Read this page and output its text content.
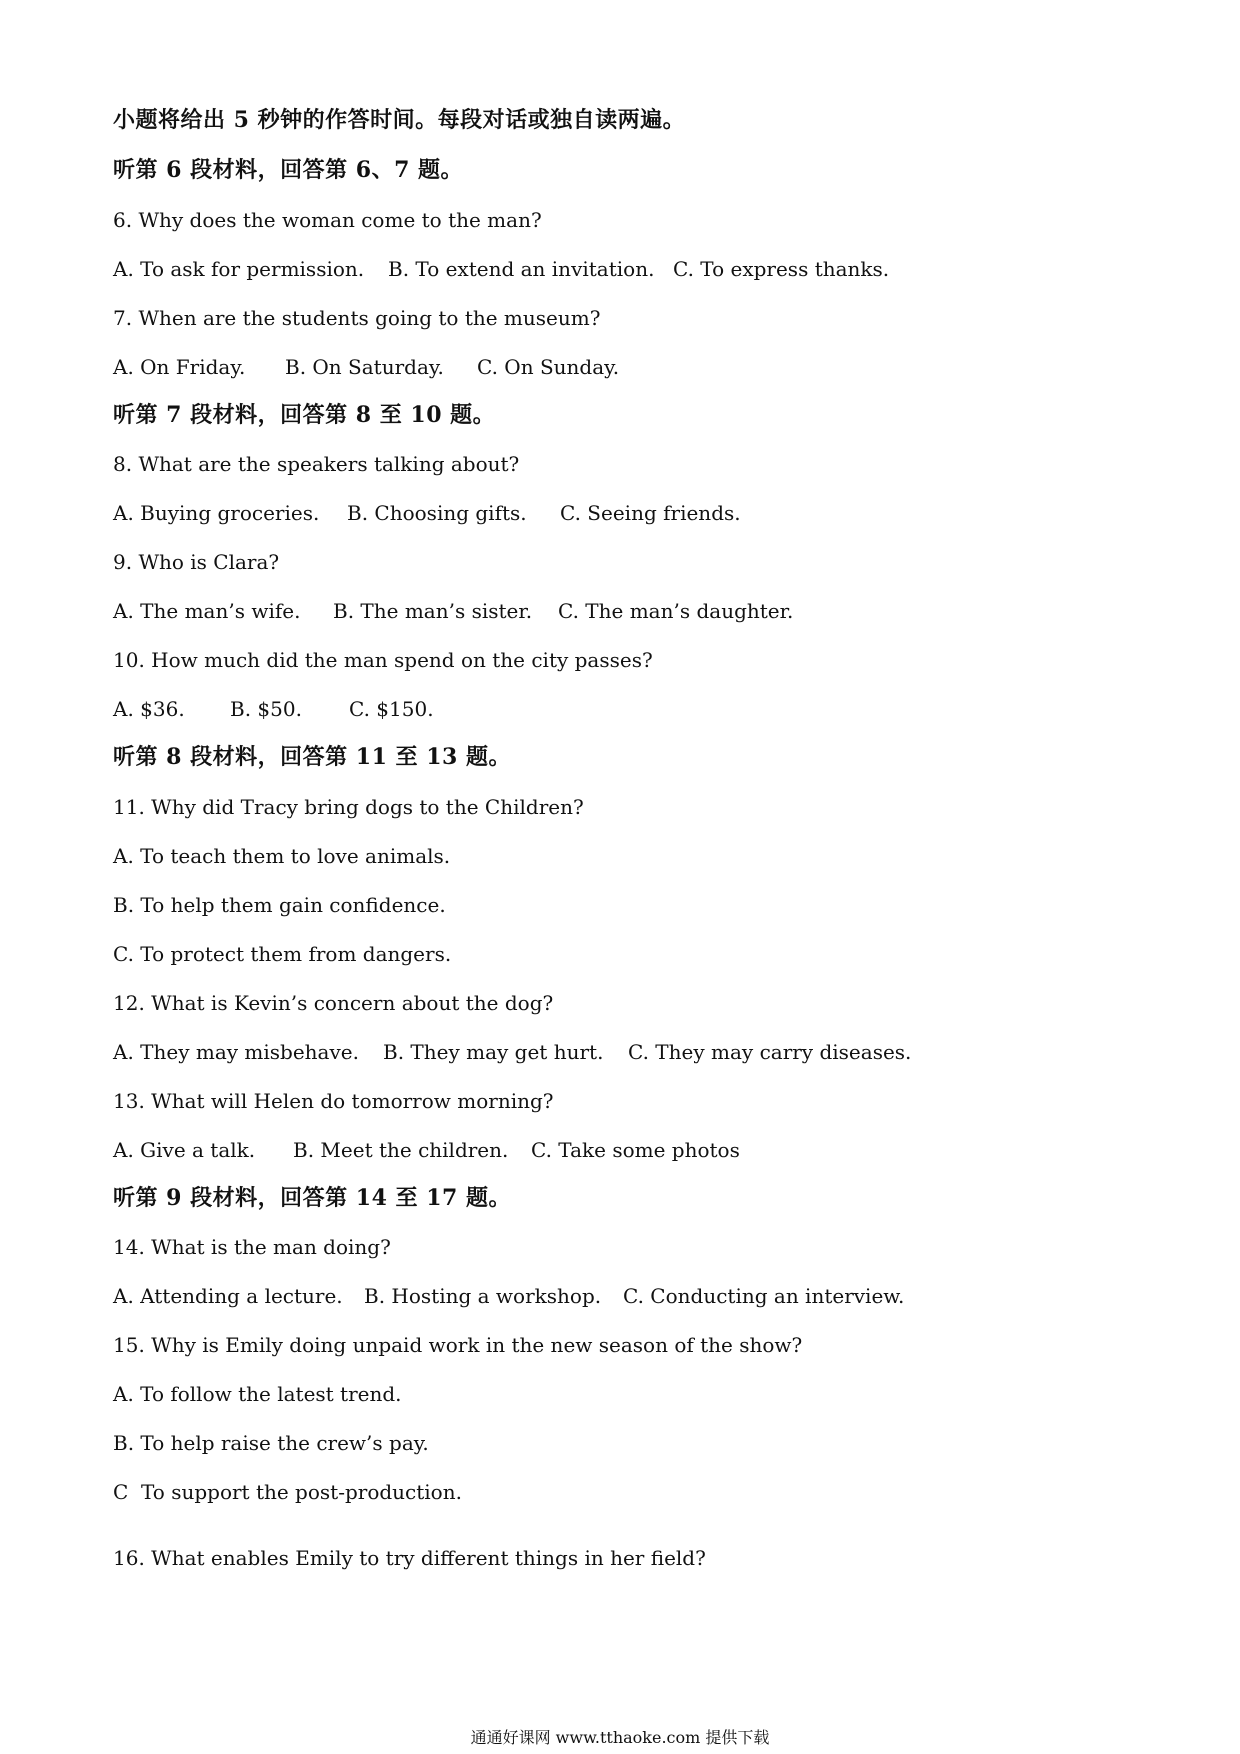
小题将给出 5 秒钟的作答时间。每段对话或独自读两遍。
听第 6 段材料，回答第 6、7 题。
6. Why does the woman come to the man?
A. To ask for permission. B. To extend an invitation. C. To express thanks.
7. When are the students going to the museum?
A. On Friday. B. On Saturday. C. On Sunday.
听第 7 段材料，回答第 8 至 10 题。
8. What are the speakers talking about?
A. Buying groceries. B. Choosing gifts. C. Seeing friends.
9. Who is Clara?
A. The man’s wife. B. The man’s sister. C. The man’s daughter.
10. How much did the man spend on the city passes?
A. $36. B. $50. C. $150.
听第 8 段材料，回答第 11 至 13 题。
11. Why did Tracy bring dogs to the Children?
A. To teach them to love animals.
B. To help them gain confidence.
C. To protect them from dangers.
12. What is Kevin’s concern about the dog?
A. They may misbehave. B. They may get hurt. C. They may carry diseases.
13. What will Helen do tomorrow morning?
A. Give a talk. B. Meet the children. C. Take some photos
听第 9 段材料，回答第 14 至 17 题。
14. What is the man doing?
A. Attending a lecture. B. Hosting a workshop. C. Conducting an interview.
15. Why is Emily doing unpaid work in the new season of the show?
A. To follow the latest trend.
B. To help raise the crew’s pay.
C  To support the post-production.
16. What enables Emily to try different things in her field?
通通好课网 www.tthaoke.com 提供下载
